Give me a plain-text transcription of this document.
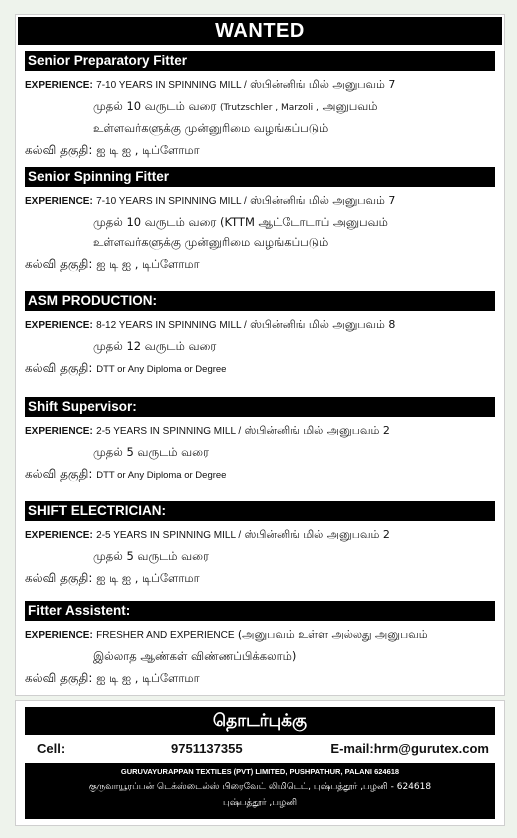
WANTED
Senior Preparatory Fitter
EXPERIENCE: 7-10 YEARS IN SPINNING MILL / ஸ்பின்னிங் மில் அனுபவம் 7
முதல் 10 வருடம் வரை (Trutzschler , Marzoli , அனுபவம்
உள்ளவர்களுக்கு முன்னுரிமை வழங்கப்படும்
கல்வி தகுதி: ஐ டி ஐ , டிப்ளோமா
Senior Spinning Fitter
EXPERIENCE: 7-10 YEARS IN SPINNING MILL / ஸ்பின்னிங் மில் அனுபவம் 7
முதல் 10 வருடம் வரை (KTTM ஆட்டோடாப் அனுபவம்
உள்ளவர்களுக்கு முன்னுரிமை வழங்கப்படும்
கல்வி தகுதி: ஐ டி ஐ , டிப்ளோமா
ASM PRODUCTION:
EXPERIENCE: 8-12 YEARS IN SPINNING MILL / ஸ்பின்னிங் மில் அனுபவம் 8
முதல் 12 வருடம் வரை
கல்வி தகுதி: DTT or Any Diploma or Degree
Shift Supervisor:
EXPERIENCE: 2-5 YEARS IN SPINNING MILL / ஸ்பின்னிங் மில் அனுபவம் 2
முதல் 5 வருடம் வரை
கல்வி தகுதி: DTT or Any Diploma or Degree
SHIFT ELECTRICIAN:
EXPERIENCE: 2-5 YEARS IN SPINNING MILL / ஸ்பின்னிங் மில் அனுபவம் 2
முதல் 5 வருடம் வரை
கல்வி தகுதி: ஐ டி ஐ , டிப்ளோமா
Fitter Assistent:
EXPERIENCE: FRESHER AND EXPERIENCE (அனுபவம் உள்ள அல்லது அனுபவம்
இல்லாத ஆண்கள் விண்ணப்பிக்கலாம்)
கல்வி தகுதி: ஐ டி ஐ , டிப்ளோமா
தொடர்புக்கு
Cell:	9751137355	E-mail:hrm@gurutex.com
GURUVAYURAPPAN TEXTILES (PVT) LIMITED, PUSHPATHUR, PALANI 624618
குருவாயூரப்பன் டெக்ஸ்டைல்ஸ் பிரைவேட் லிமிடெட், புஷ்பத்தூர் ,பழனி - 624618
புஷ்பத்தூர் ,பழனி
